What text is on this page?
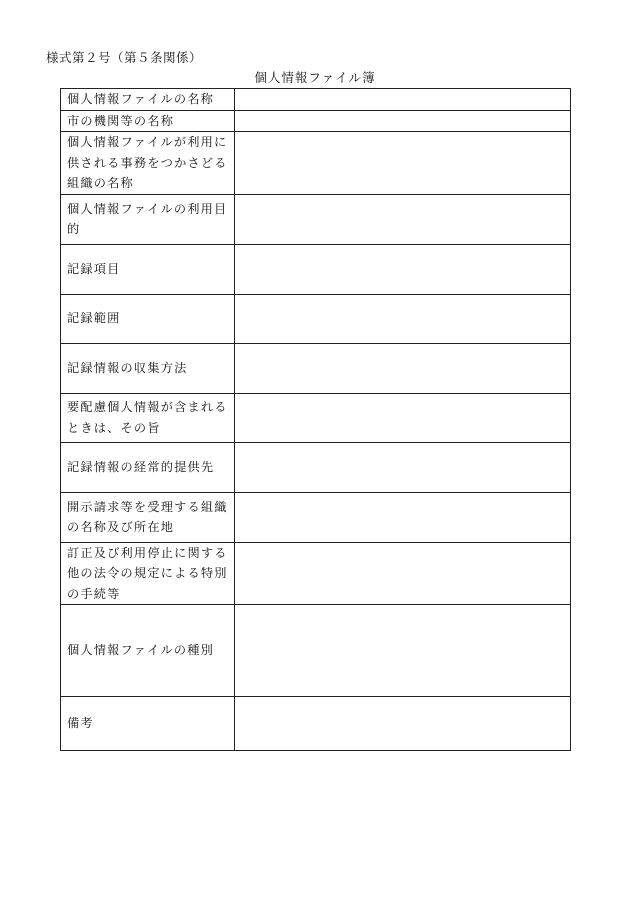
様式第２号（第５条関係）
個人情報ファイル簿
個人情報ファイルの名称	
市の機関等の名称	
個人情報ファイルが利用に供される事務をつかさどる組織の名称	
個人情報ファイルの利用目的	
記録項目	
記録範囲	
記録情報の収集方法	
要配慮個人情報が含まれるときは、その旨	
記録情報の経常的提供先	
開示請求等を受理する組織の名称及び所在地	
訂正及び利用停止に関する他の法令の規定による特別の手続等	
個人情報ファイルの種別	
備考	
